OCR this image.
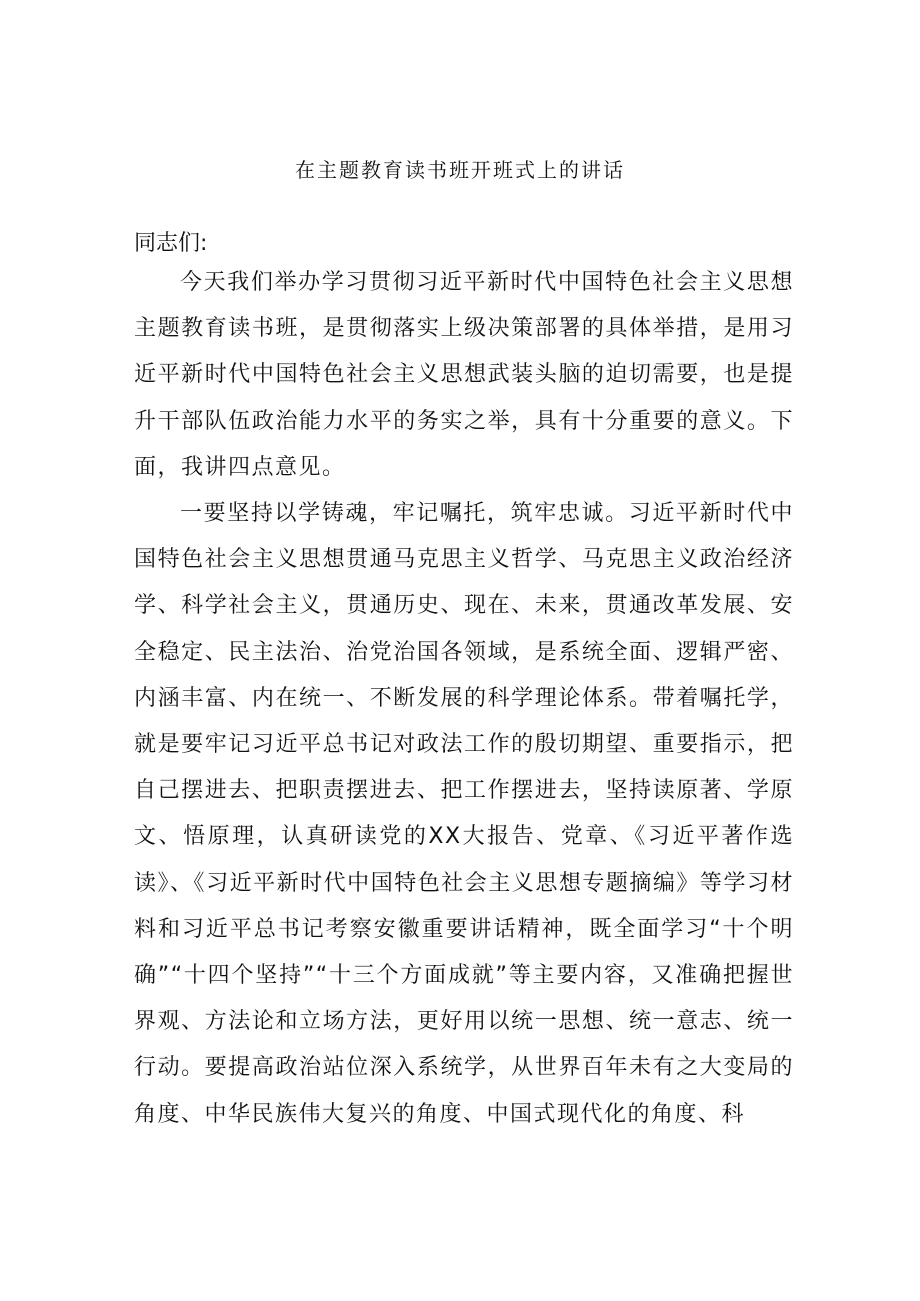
在主题教育读书班开班式上的讲话
同志们:

今天我们举办学习贯彻习近平新时代中国特色社会主义思想主题教育读书班，是贯彻落实上级决策部署的具体举措，是用习近平新时代中国特色社会主义思想武装头脑的迫切需要，也是提升干部队伍政治能力水平的务实之举，具有十分重要的意义。下面，我讲四点意见。

一要坚持以学铸魂，牢记嘱托，筑牢忠诚。习近平新时代中国特色社会主义思想贯通马克思主义哲学、马克思主义政治经济学、科学社会主义，贯通历史、现在、未来，贯通改革发展、安全稳定、民主法治、治党治国各领域，是系统全面、逻辑严密、内涵丰富、内在统一、不断发展的科学理论体系。带着嘱托学，就是要牢记习近平总书记对政法工作的殷切期望、重要指示，把自己摆进去、把职责摆进去、把工作摆进去，坚持读原著、学原文、悟原理，认真研读党的XX大报告、党章、《习近平著作选读》、《习近平新时代中国特色社会主义思想专题摘编》等学习材料和习近平总书记考察安徽重要讲话精神，既全面学习“十个明确”“十四个坚持”“十三个方面成就”等主要内容，又准确把握世界观、方法论和立场方法，更好用以统一思想、统一意志、统一行动。要提高政治站位深入系统学，从世界百年未有之大变局的角度、中华民族伟大复兴的角度、中国式现代化的角度、科
